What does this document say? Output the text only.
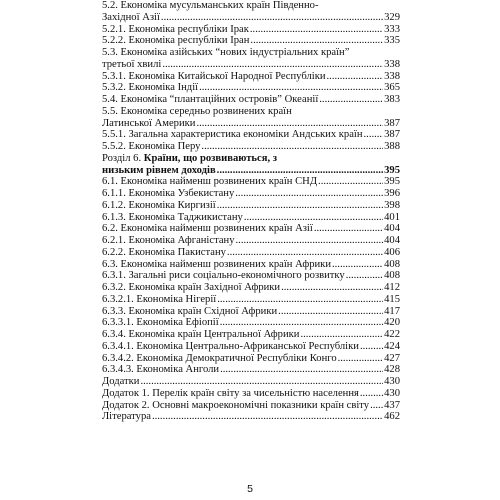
5.2. Економіка мусульманських країн Південно-
Західної Азії .....	329
5.2.1. Економіка республіки Ірак .....	333
5.2.2. Економіка республіки Іран .....	335
5.3. Економіка азійських “нових індустріальних країн”
третьої хвилі .....	338
5.3.1. Економіка Китайської Народної Республіки .....	338
5.3.2. Економіка Індії .....	365
5.4. Економіка “плантаційних островів” Океанії .....	383
5.5. Економіка середньо розвинених країн
Латинської Америки .....	387
5.5.1. Загальна характеристика економіки Андських країн ..... 387
5.5.2. Економіка Перу .....	388
Розділ 6. Країни, що розвиваються, з
низьким рівнем доходів .....	395
6.1. Економіка найменш розвинених країн СНД .....	395
6.1.1. Економіка Узбекистану .....	396
6.1.2. Економіка Киргизії .....	398
6.1.3. Економіка Таджикистану .....	401
6.2. Економіка найменш розвинених країн Азії .....	404
6.2.1. Економіка Афганістану .....	404
6.2.2. Економіка Пакистану .....	406
6.3. Економіка найменш розвинених країн Африки .....	408
6.3.1. Загальні риси соціально-економічного розвитку .....	408
6.3.2. Економіка країн Західної Африки .....	412
6.3.2.1. Економіка Нігерії .....	415
6.3.3. Економіка країн Східної Африки .....	417
6.3.3.1. Економіка Ефіопії .....	420
6.3.4. Економіка країн Центральної Африки .....	422
6.3.4.1. Економіка Центрально-Африканської Республіки ..... 424
6.3.4.2. Економіка Демократичної Республіки Конго .....	427
6.3.4.3. Економіка Анголи .....	428
Додатки .....	430
Додаток 1. Перелік країн світу за чисельністю населення ..... 430
Додаток 2. Основні макроекономічні показники країн світу ..... 437
Література .....	462
5
